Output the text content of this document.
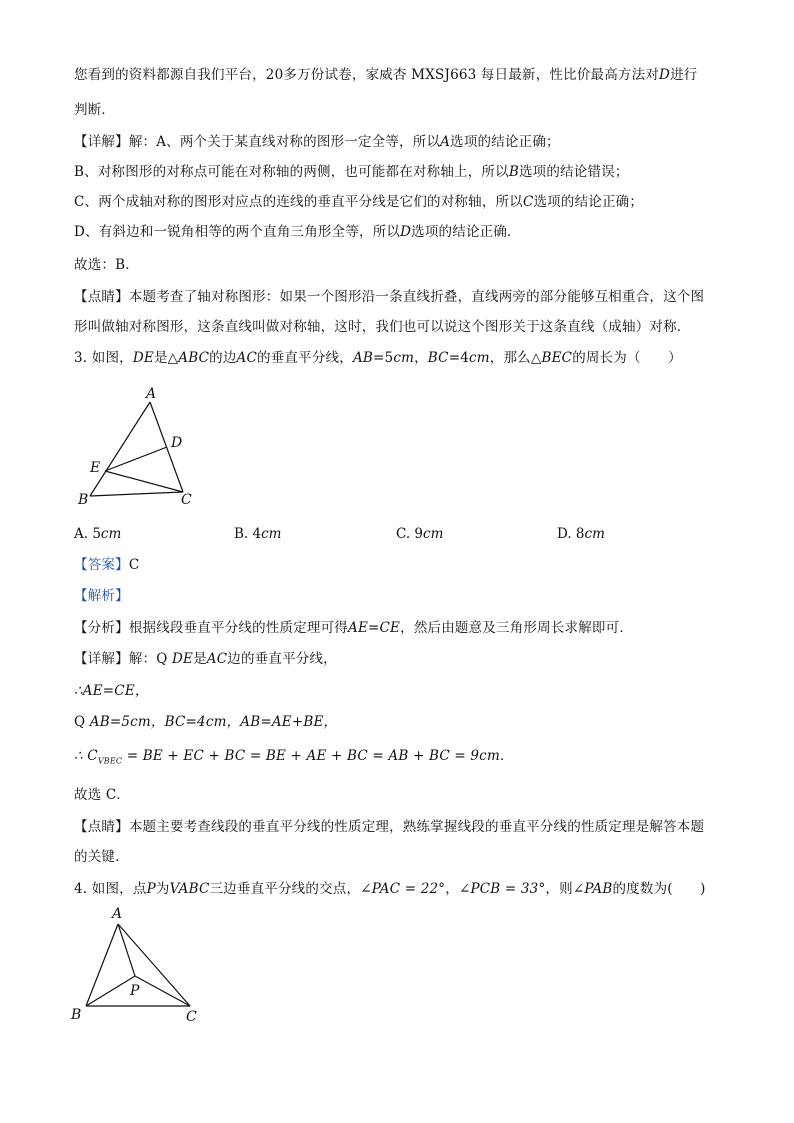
您看到的资料都源自我们平台，20多万份试卷，家威杏 MXSJ663 每日最新，性比价最高方法对D进行
判断．
【详解】解：A、两个关于某直线对称的图形一定全等，所以A选项的结论正确；
B、对称图形的对称点可能在对称轴的两侧，也可能都在对称轴上，所以B选项的结论错误；
C、两个成轴对称的图形对应点的连线的垂直平分线是它们的对称轴，所以C选项的结论正确；
D、有斜边和一锐角相等的两个直角三角形全等，所以D选项的结论正确．
故选：B．
【点睛】本题考查了轴对称图形：如果一个图形沿一条直线折叠，直线两旁的部分能够互相重合，这个图
形叫做轴对称图形，这条直线叫做对称轴，这时，我们也可以说这个图形关于这条直线（成轴）对称．
3. 如图，DE是△ABC的边AC的垂直平分线，AB=5cm，BC=4cm，那么△BEC的周长为（　　）
A
B	C
D
E
A. 5cm	B. 4cm	C. 9cm	D. 8cm
【答案】C
【解析】
【分析】根据线段垂直平分线的性质定理可得AE=CE，然后由题意及三角形周长求解即可．
【详解】解：Q DE是AC边的垂直平分线，
∴AE=CE，
Q AB=5cm，BC=4cm，AB=AE+BE，
∴ $C_{VBEC}$ = BE + EC + BC = BE + AE + BC = AB + BC = 9cm．
故选 C．
【点睛】本题主要考查线段的垂直平分线的性质定理，熟练掌握线段的垂直平分线的性质定理是解答本题
的关键．
4. 如图，点P为VABC三边垂直平分线的交点，∠PAC = 22°，∠PCB = 33°，则∠PAB的度数为(　　)
A
B	C
P
